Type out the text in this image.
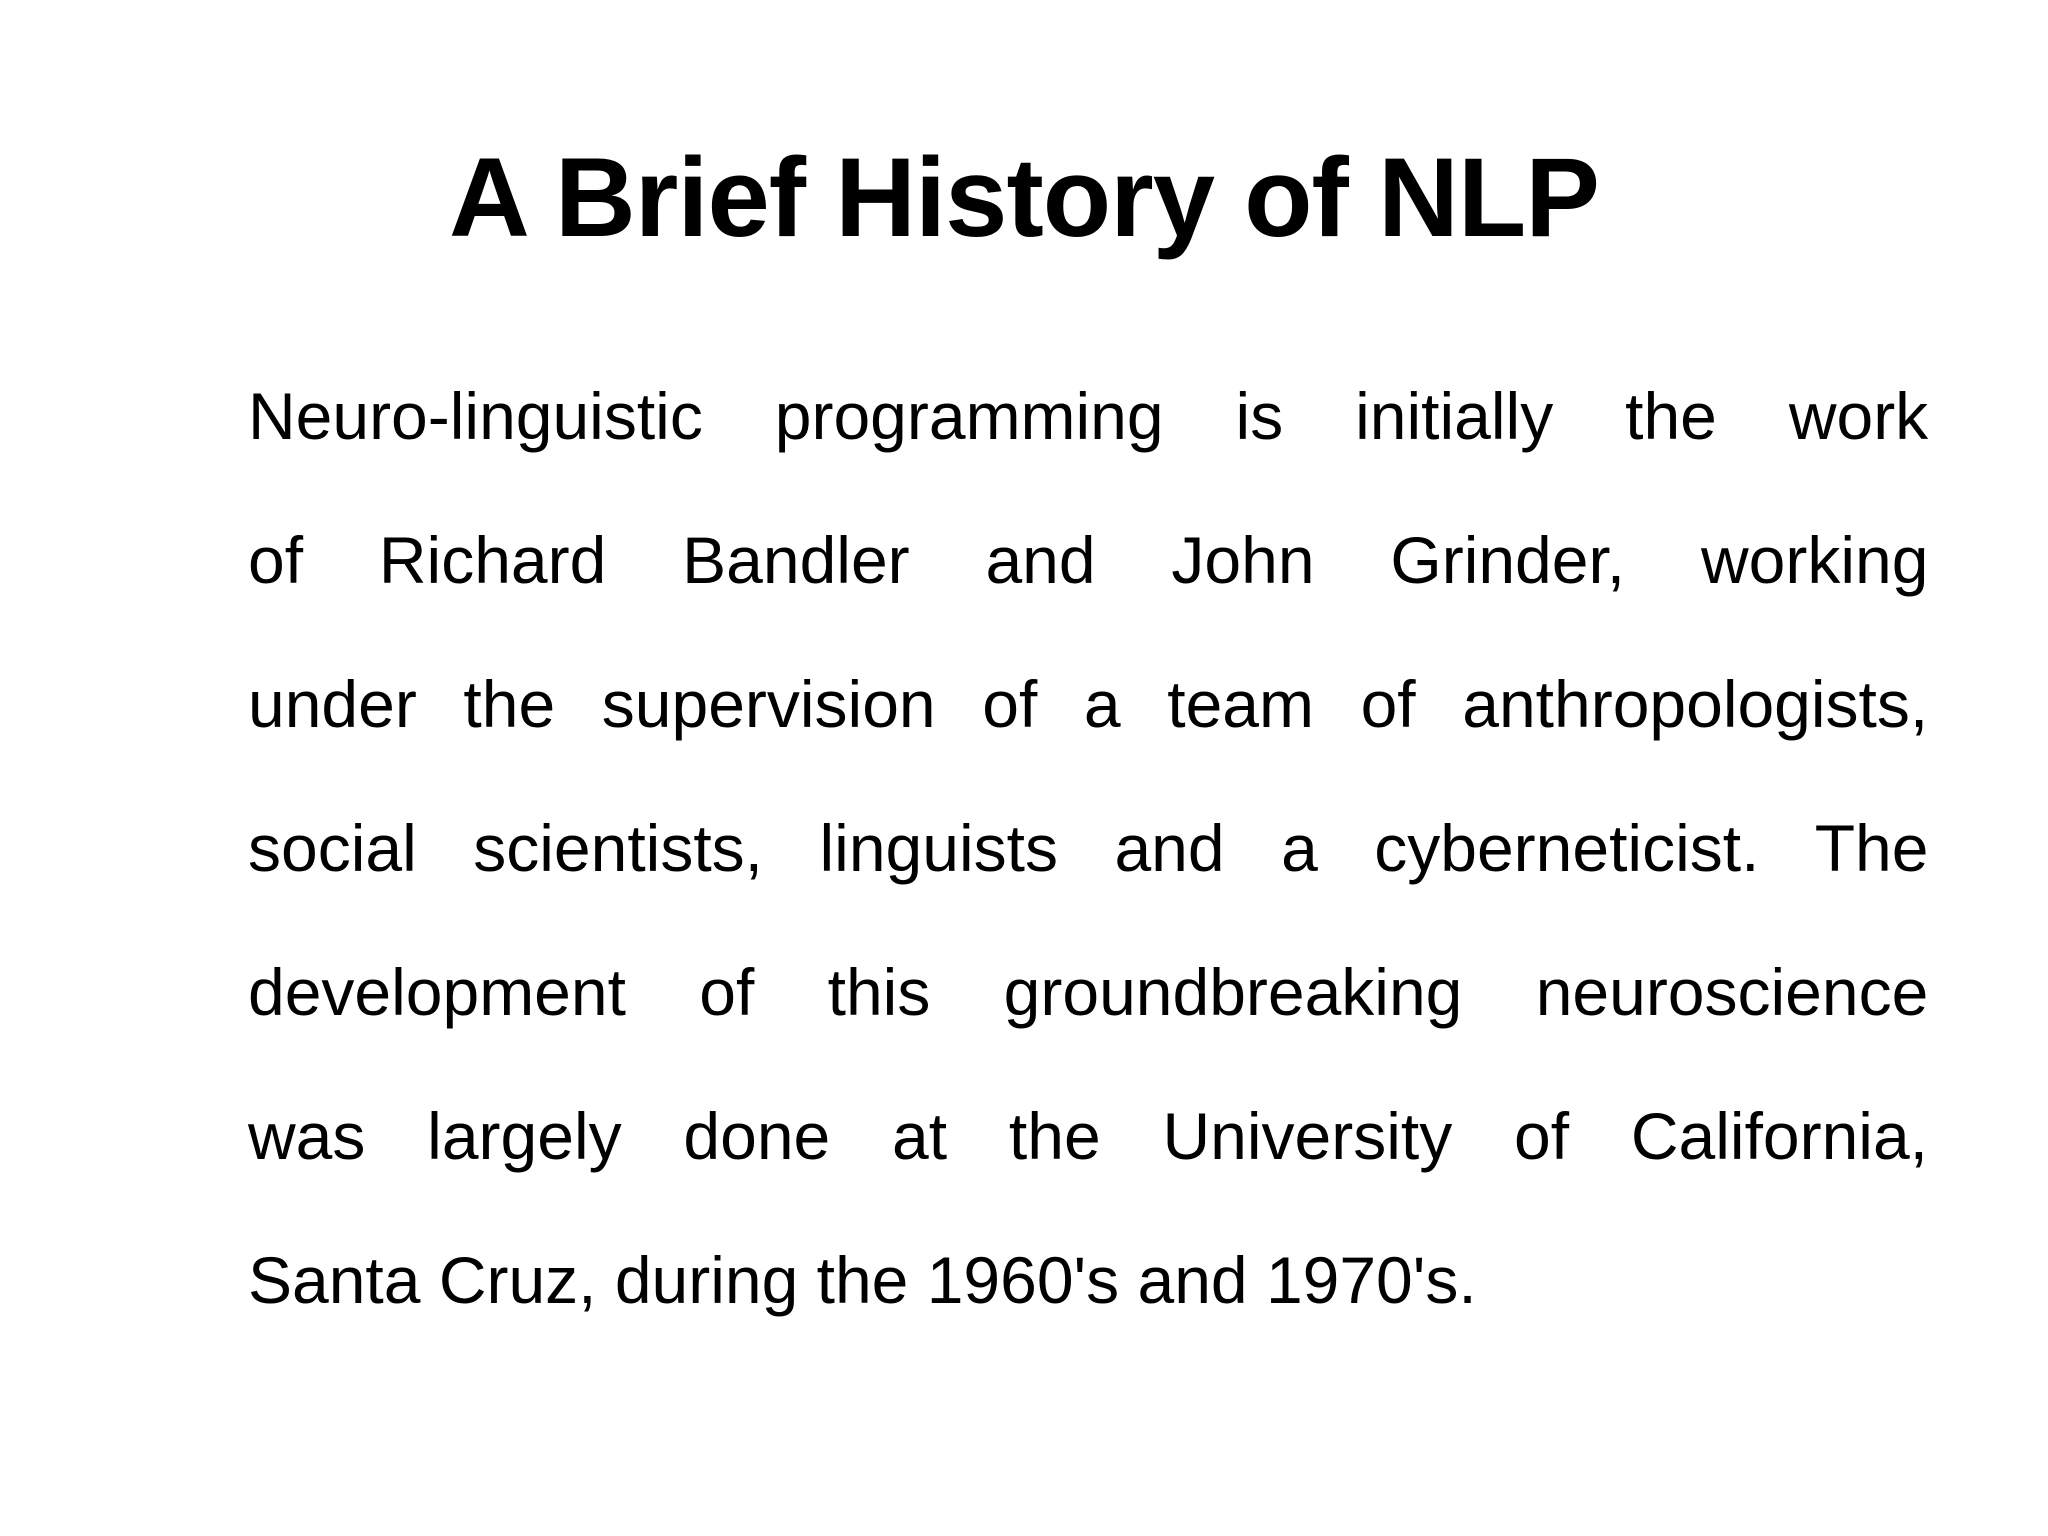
A Brief History of NLP
Neuro-linguistic programming is initially the work
of Richard Bandler and John Grinder, working
under the supervision of a team of anthropologists,
social scientists, linguists and a cyberneticist. The
development of this groundbreaking neuroscience
was largely done at the University of California,
Santa Cruz, during the 1960's and 1970's.
